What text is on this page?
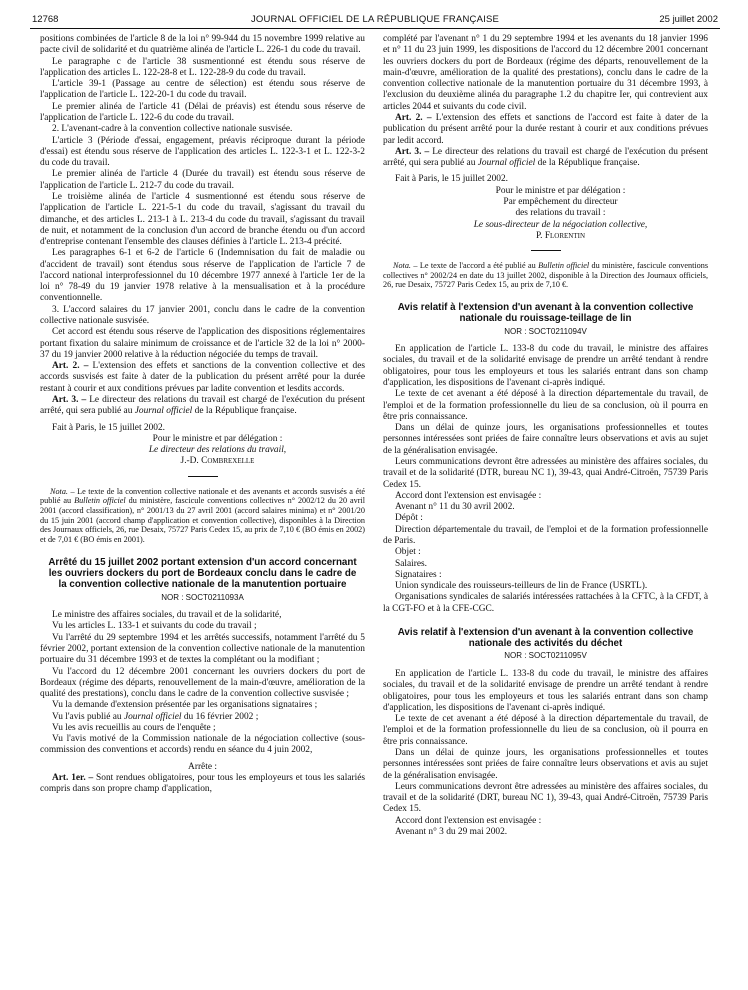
12768	JOURNAL OFFICIEL DE LA RÉPUBLIQUE FRANÇAISE	25 juillet 2002

positions combinées de l'article 8 de la loi n° 99-944 du 15 novembre 1999 relative au pacte civil de solidarité et du quatrième alinéa de l'article L. 226-1 du code du travail.

Le paragraphe c de l'article 38 susmentionné est étendu sous réserve de l'application des articles L. 122-28-8 et L. 122-28-9 du code du travail.

L'article 39-1 (Passage au centre de sélection) est étendu sous réserve de l'application de l'article L. 122-20-1 du code du travail.

Le premier alinéa de l'article 41 (Délai de préavis) est étendu sous réserve de l'application de l'article L. 122-6 du code du travail.

2. L'avenant-cadre à la convention collective nationale susvisée.

L'article 3 (Période d'essai, engagement, préavis réciproque durant la période d'essai) est étendu sous réserve de l'application des articles L. 122-3-1 et L. 122-3-2 du code du travail.

Le premier alinéa de l'article 4 (Durée du travail) est étendu sous réserve de l'application de l'article L. 212-7 du code du travail.

Le troisième alinéa de l'article 4 susmentionné est étendu sous réserve de l'application de l'article L. 221-5-1 du code du travail, s'agissant du travail du dimanche, et des articles L. 213-1 à L. 213-4 du code du travail, s'agissant du travail de nuit, et notamment de la conclusion d'un accord de branche étendu ou d'un accord d'entreprise contenant l'ensemble des clauses définies à l'article L. 213-4 précité.

Les paragraphes 6-1 et 6-2 de l'article 6 (Indemnisation du fait de maladie ou d'accident de travail) sont étendus sous réserve de l'application de l'article 7 de l'accord national interprofessionnel du 10 décembre 1977 annexé à l'article 1er de la loi n° 78-49 du 19 janvier 1978 relative à la mensualisation et à la procédure conventionnelle.

3. L'accord salaires du 17 janvier 2001, conclu dans le cadre de la convention collective nationale susvisée.

Cet accord est étendu sous réserve de l'application des dispositions réglementaires portant fixation du salaire minimum de croissance et de l'article 32 de la loi n° 2000-37 du 19 janvier 2000 relative à la réduction négociée du temps de travail.

Art. 2. – L'extension des effets et sanctions de la convention collective et des accords susvisés est faite à dater de la publication du présent arrêté pour la durée restant à courir et aux conditions prévues par ladite convention et lesdits accords.

Art. 3. – Le directeur des relations du travail est chargé de l'exécution du présent arrêté, qui sera publié au Journal officiel de la République française.

Fait à Paris, le 15 juillet 2002.

Pour le ministre et par délégation :

Le directeur des relations du travail,

J.-D. Combrexelle

Nota. – Le texte de la convention collective nationale et des avenants et accords susvisés a été publié au Bulletin officiel du ministère, fascicule conventions collectives n° 2002/12 du 20 avril 2001 (accord classification), n° 2001/13 du 27 avril 2001 (accord salaires minima) et n° 2001/20 du 15 juin 2001 (accord champ d'application et convention collective), disponibles à la Direction des Journaux officiels, 26, rue Desaix, 75727 Paris Cedex 15, au prix de 7,10 € (BO émis en 2002) et de 7,01 € (BO émis en 2001).

Arrêté du 15 juillet 2002 portant extension d'un accord concernant les ouvriers dockers du port de Bordeaux conclu dans le cadre de la convention collective nationale de la manutention portuaire
NOR : SOCT0211093A

Le ministre des affaires sociales, du travail et de la solidarité,

Vu les articles L. 133-1 et suivants du code du travail ;

Vu l'arrêté du 29 septembre 1994 et les arrêtés successifs, notamment l'arrêté du 5 février 2002, portant extension de la convention collective nationale de la manutention portuaire du 31 décembre 1993 et de textes la complétant ou la modifiant ;

Vu l'accord du 12 décembre 2001 concernant les ouvriers dockers du port de Bordeaux (régime des départs, renouvellement de la main-d'œuvre, amélioration de la qualité des prestations), conclu dans le cadre de la convention collective susvisée ;

Vu la demande d'extension présentée par les organisations signataires ;

Vu l'avis publié au Journal officiel du 16 février 2002 ;

Vu les avis recueillis au cours de l'enquête ;

Vu l'avis motivé de la Commission nationale de la négociation collective (sous-commission des conventions et accords) rendu en séance du 4 juin 2002,

Arrête :

Art. 1er. – Sont rendues obligatoires, pour tous les employeurs et tous les salariés compris dans son propre champ d'application,

complété par l'avenant n° 1 du 29 septembre 1994 et les avenants du 18 janvier 1996 et n° 11 du 23 juin 1999, les dispositions de l'accord du 12 décembre 2001 concernant les ouvriers dockers du port de Bordeaux (régime des départs, renouvellement de la main-d'œuvre, amélioration de la qualité des prestations), conclu dans le cadre de la convention collective nationale de la manutention portuaire du 31 décembre 1993, à l'exclusion du deuxième alinéa du paragraphe 1.2 du chapitre Ier, qui contrevient aux articles 2044 et suivants du code civil.

Art. 2. – L'extension des effets et sanctions de l'accord est faite à dater de la publication du présent arrêté pour la durée restant à courir et aux conditions prévues par ledit accord.

Art. 3. – Le directeur des relations du travail est chargé de l'exécution du présent arrêté, qui sera publié au Journal officiel de la République française.

Fait à Paris, le 15 juillet 2002.

Pour le ministre et par délégation :

Par empêchement du directeur

des relations du travail :

Le sous-directeur de la négociation collective,

P. Florentin

Nota. – Le texte de l'accord a été publié au Bulletin officiel du ministère, fascicule conventions collectives n° 2002/24 en date du 13 juillet 2002, disponible à la Direction des Journaux officiels, 26, rue Desaix, 75727 Paris Cedex 15, au prix de 7,10 €.

Avis relatif à l'extension d'un avenant à la convention collective nationale du rouissage-teillage de lin
NOR : SOCT0211094V

En application de l'article L. 133-8 du code du travail, le ministre des affaires sociales, du travail et de la solidarité envisage de prendre un arrêté tendant à rendre obligatoires, pour tous les employeurs et tous les salariés entrant dans son champ d'application, les dispositions de l'avenant ci-après indiqué.

Le texte de cet avenant a été déposé à la direction départementale du travail, de l'emploi et de la formation professionnelle du lieu de sa conclusion, où il pourra en être pris connaissance.

Dans un délai de quinze jours, les organisations professionnelles et toutes personnes intéressées sont priées de faire connaître leurs observations et avis au sujet de la généralisation envisagée.

Leurs communications devront être adressées au ministère des affaires sociales, du travail et de la solidarité (DTR, bureau NC 1), 39-43, quai André-Citroën, 75739 Paris Cedex 15.

Accord dont l'extension est envisagée :

Avenant n° 11 du 30 avril 2002.

Dépôt :

Direction départementale du travail, de l'emploi et de la formation professionnelle de Paris.

Objet :

Salaires.

Signataires :

Union syndicale des rouisseurs-teilleurs de lin de France (USRTL).

Organisations syndicales de salariés intéressées rattachées à la CFTC, à la CFDT, à la CGT-FO et à la CFE-CGC.

Avis relatif à l'extension d'un avenant à la convention collective nationale des activités du déchet
NOR : SOCT0211095V

En application de l'article L. 133-8 du code du travail, le ministre des affaires sociales, du travail et de la solidarité envisage de prendre un arrêté tendant à rendre obligatoires, pour tous les employeurs et tous les salariés entrant dans son champ d'application, les dispositions de l'avenant ci-après indiqué.

Le texte de cet avenant a été déposé à la direction départementale du travail, de l'emploi et de la formation professionnelle du lieu de sa conclusion, où il pourra en être pris connaissance.

Dans un délai de quinze jours, les organisations professionnelles et toutes personnes intéressées sont priées de faire connaître leurs observations et avis au sujet de la généralisation envisagée.

Leurs communications devront être adressées au ministère des affaires sociales, du travail et de la solidarité (DRT, bureau NC 1), 39-43, quai André-Citroën, 75739 Paris Cedex 15.

Accord dont l'extension est envisagée :

Avenant n° 3 du 29 mai 2002.
